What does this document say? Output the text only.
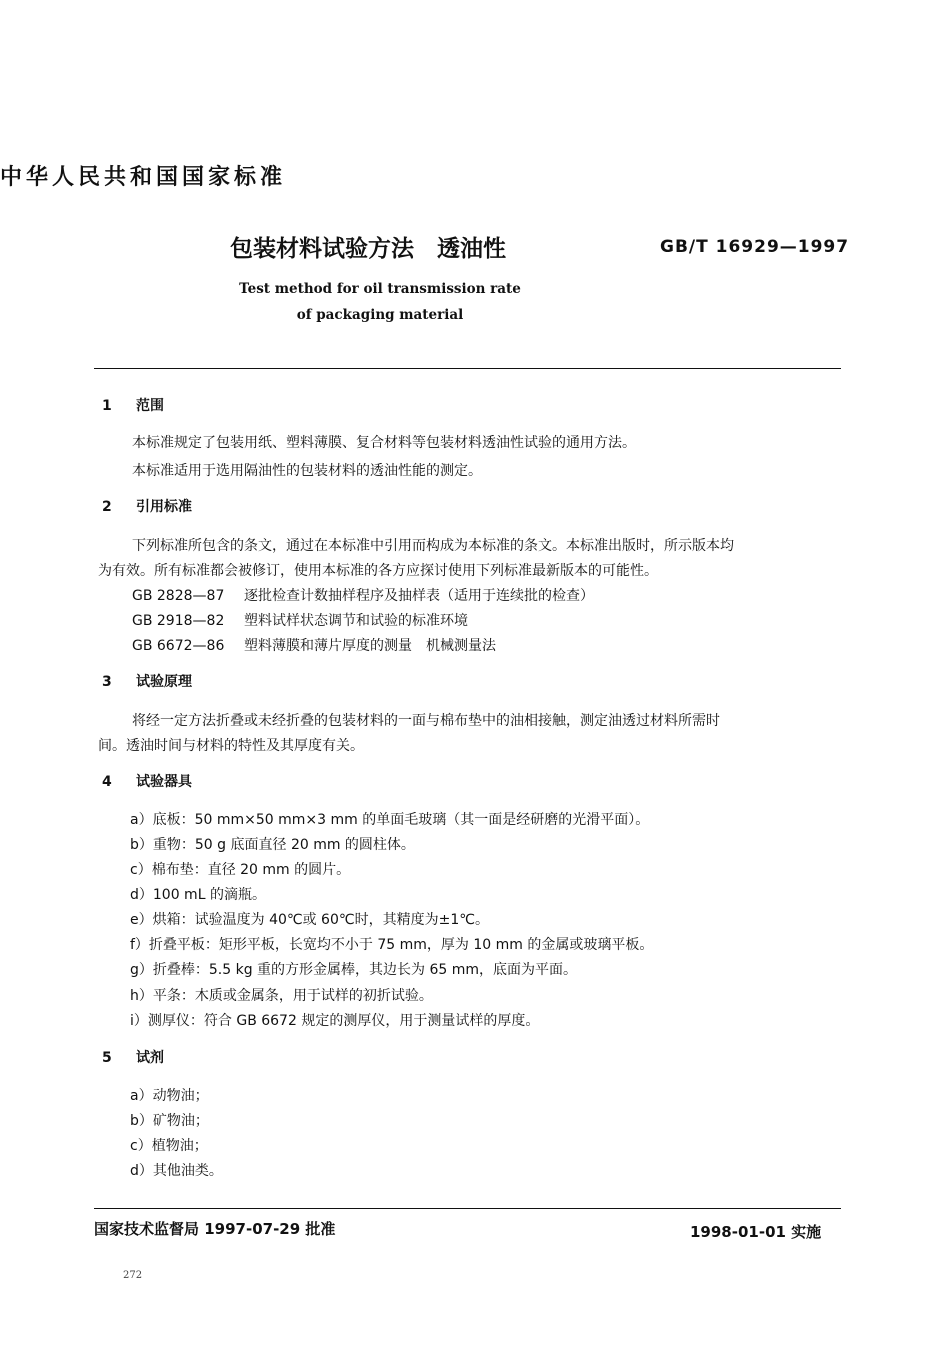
中华人民共和国国家标准
包装材料试验方法　透油性	GB/T 16929—1997
Test method for oil transmission rate
of packaging material
1 范围
本标准规定了包装用纸、塑料薄膜、复合材料等包装材料透油性试验的通用方法。
本标准适用于选用隔油性的包装材料的透油性能的测定。
2 引用标准
下列标准所包含的条文，通过在本标准中引用而构成为本标准的条文。本标准出版时，所示版本均
为有效。所有标准都会被修订，使用本标准的各方应探讨使用下列标准最新版本的可能性。
GB 2828—87 逐批检查计数抽样程序及抽样表（适用于连续批的检查）
GB 2918—82 塑料试样状态调节和试验的标准环境
GB 6672—86 塑料薄膜和薄片厚度的测量　机械测量法
3 试验原理
将经一定方法折叠或未经折叠的包装材料的一面与棉布垫中的油相接触，测定油透过材料所需时
间。透油时间与材料的特性及其厚度有关。
4 试验器具
a）底板：50 mm×50 mm×3 mm 的单面毛玻璃（其一面是经研磨的光滑平面）。
b）重物：50 g 底面直径 20 mm 的圆柱体。
c）棉布垫：直径 20 mm 的圆片。
d）100 mL 的滴瓶。
e）烘箱：试验温度为 40℃或 60℃时，其精度为±1℃。
f）折叠平板：矩形平板，长宽均不小于 75 mm，厚为 10 mm 的金属或玻璃平板。
g）折叠棒：5.5 kg 重的方形金属棒，其边长为 65 mm，底面为平面。
h）平条：木质或金属条，用于试样的初折试验。
i）测厚仪：符合 GB 6672 规定的测厚仪，用于测量试样的厚度。
5 试剂
a）动物油；
b）矿物油；
c）植物油；
d）其他油类。
国家技术监督局 1997-07-29 批准	1998-01-01 实施
272
